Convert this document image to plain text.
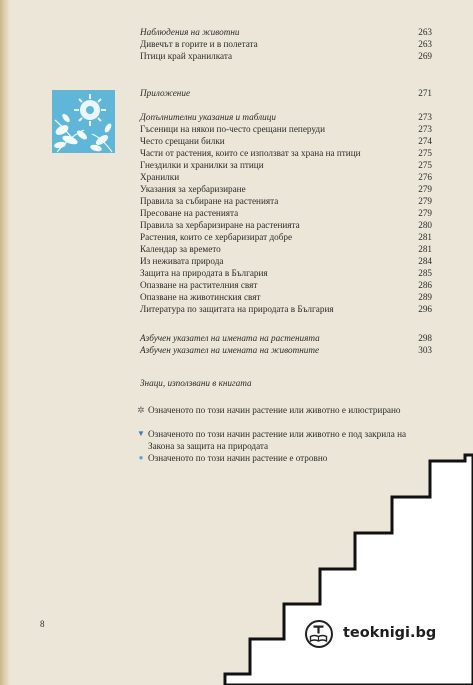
Наблюдения на животни	263
Дивечът в горите и в полетата	263
Птици край хранилката	269
Приложение	271
Допълнителни указания и таблици	273
Гъсеници на някои по-често срещани пеперуди	273
Често срещани билки	274
Части от растения, които се използват за храна на птици	275
Гнездилки и хранилки за птици	275
Хранилки	276
Указания за хербаризиране	279
Правила за събиране на растенията	279
Пресоване на растенията	279
Правила за хербаризиране на растенията	280
Растения, които се хербаризират добре	281
Календар за времето	281
Из неживата природа	284
Защита на природата в България	285
Опазване на растителния свят	286
Опазване на животинския свят	289
Литература по защитата на природата в България	296
Азбучен указател на имената на растенията	298
Азбучен указател на имената на животните	303
Знаци, използвани в книгата
✲ Означеното по този начин растение или животно е илюстрирано
▼ Означеното по този начин растение или животно е под закрила на Закона за защита на природата
● Означеното по този начин растение е отровно
8
teoknigi.bg
